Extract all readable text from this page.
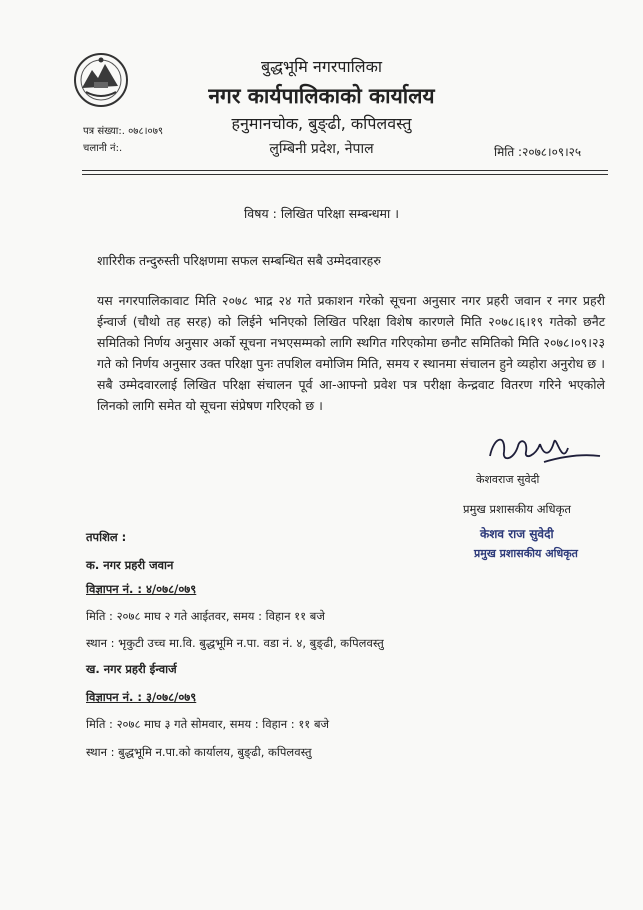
बुद्धभूमि नगरपालिका
नगर कार्यपालिकाको कार्यालय
हनुमानचोक, बुङ्ढी, कपिलवस्तु
लुम्बिनी प्रदेश, नेपाल
पत्र संख्या:. ०७८।०७९
चलानी नं:.	मिति :२०७८।०९।२५
विषय : लिखित परिक्षा सम्बन्धमा ।
शारिरीक तन्दुरुस्ती परिक्षणमा सफल सम्बन्धित सबै उम्मेदवारहरु
यस नगरपालिकावाट मिति २०७८ भाद्र २४ गते प्रकाशन गरेको सूचना अनुसार नगर प्रहरी जवान र नगर प्रहरी ईन्वार्ज (चौथो तह सरह) को लिईने भनिएको लिखित परिक्षा विशेष कारणले मिति २०७८।६।१९ गतेको छनैट समितिको निर्णय अनुसार अर्को सूचना नभएसम्मको लागि स्थगित गरिएकोमा छनौट समितिको मिति २०७८।०९।२३ गते को निर्णय अनुसार उक्त परिक्षा पुनः तपशिल वमोजिम मिति, समय र स्थानमा संचालन हुने व्यहोरा अनुरोध छ । सबै उम्मेदवारलाई लिखित परिक्षा संचालन पूर्व आ-आफ्नो प्रवेश पत्र परीक्षा केन्द्रवाट वितरण गरिने भएकोले लिनको लागि समेत यो सूचना संप्रेषण गरिएको छ ।
केशवराज सुवेदी
प्रमुख प्रशासकीय अधिकृत
केशव राज सुवेदी
प्रमुख प्रशासकीय अधिकृत
तपशिल :
क. नगर प्रहरी जवान
विज्ञापन नं. : ४/०७८/०७९
मिति : २०७८ माघ २ गते आईतवर, समय : विहान ११ बजे
स्थान : भृकुटी उच्च मा.वि. बुद्धभूमि न.पा. वडा नं. ४, बुङ्ढी, कपिलवस्तु
ख. नगर प्रहरी ईन्वार्ज
विज्ञापन नं. : ३/०७८/०७९
मिति : २०७८ माघ ३ गते सोमवार, समय : विहान : ११ बजे
स्थान : बुद्धभूमि न.पा.को कार्यालय, बुङ्ढी, कपिलवस्तु
